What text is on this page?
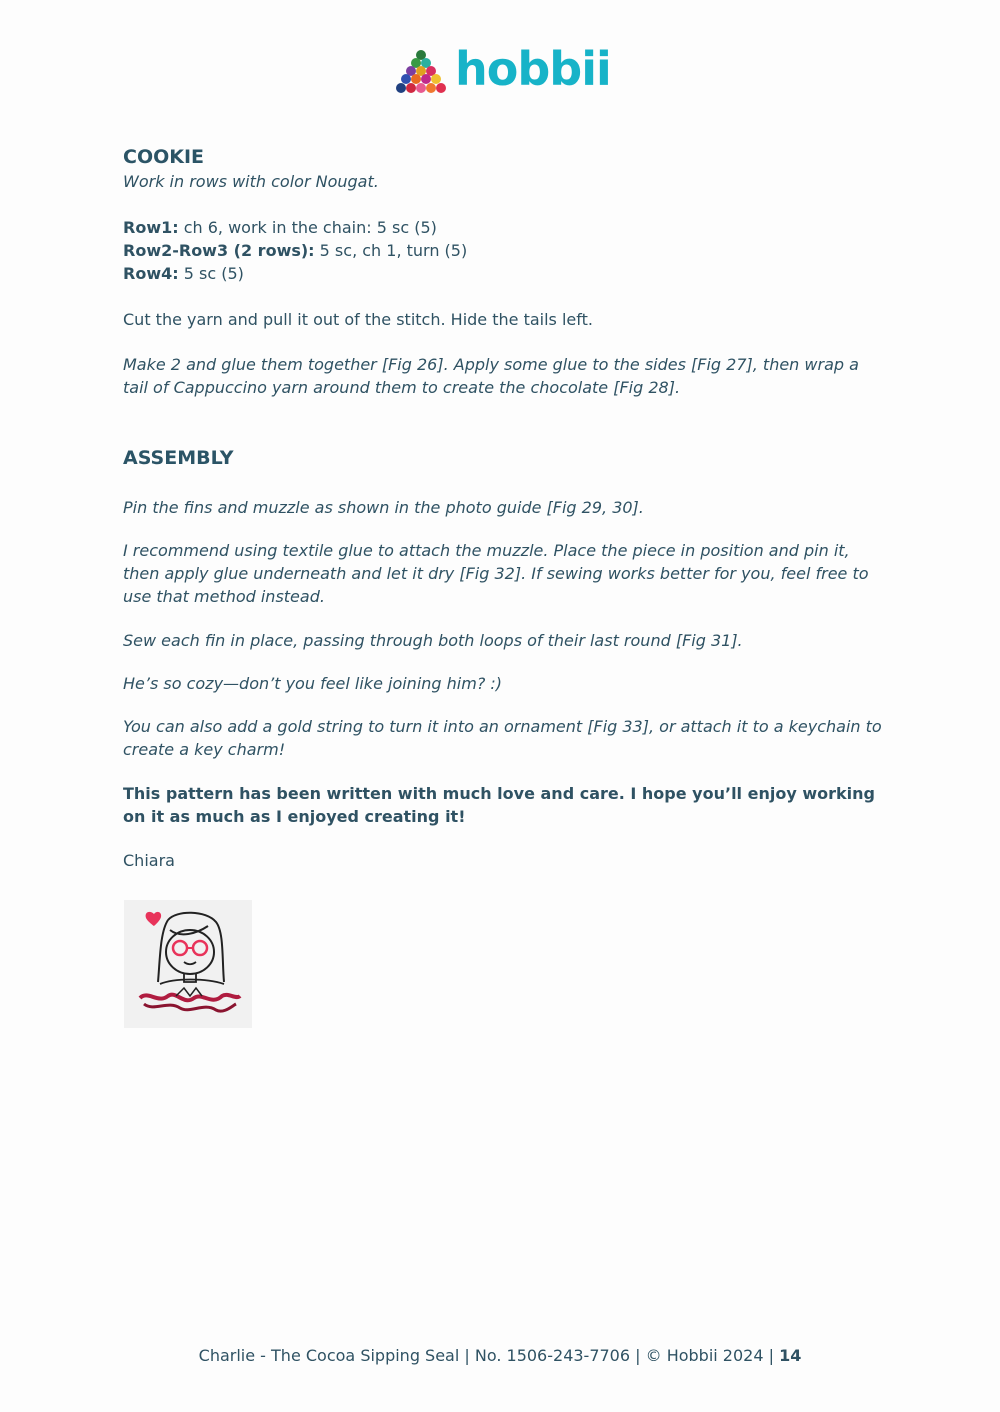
hobbii
COOKIE

Work in rows with color Nougat.

Row1: ch 6, work in the chain: 5 sc (5)

Row2-Row3 (2 rows): 5 sc, ch 1, turn (5)

Row4: 5 sc (5)

Cut the yarn and pull it out of the stitch. Hide the tails left.

Make 2 and glue them together [Fig 26]. Apply some glue to the sides [Fig 27], then wrap a tail of Cappuccino yarn around them to create the chocolate [Fig 28].

ASSEMBLY

Pin the fins and muzzle as shown in the photo guide [Fig 29, 30].

I recommend using textile glue to attach the muzzle. Place the piece in position and pin it, then apply glue underneath and let it dry [Fig 32]. If sewing works better for you, feel free to use that method instead.

Sew each fin in place, passing through both loops of their last round [Fig 31].

He’s so cozy—don’t you feel like joining him? :)

You can also add a gold string to turn it into an ornament [Fig 33], or attach it to a keychain to create a key charm!

This pattern has been written with much love and care. I hope you’ll enjoy working on it as much as I enjoyed creating it!

Chiara

Charlie - The Cocoa Sipping Seal | No. 1506-243-7706 | © Hobbii 2024 | 14
